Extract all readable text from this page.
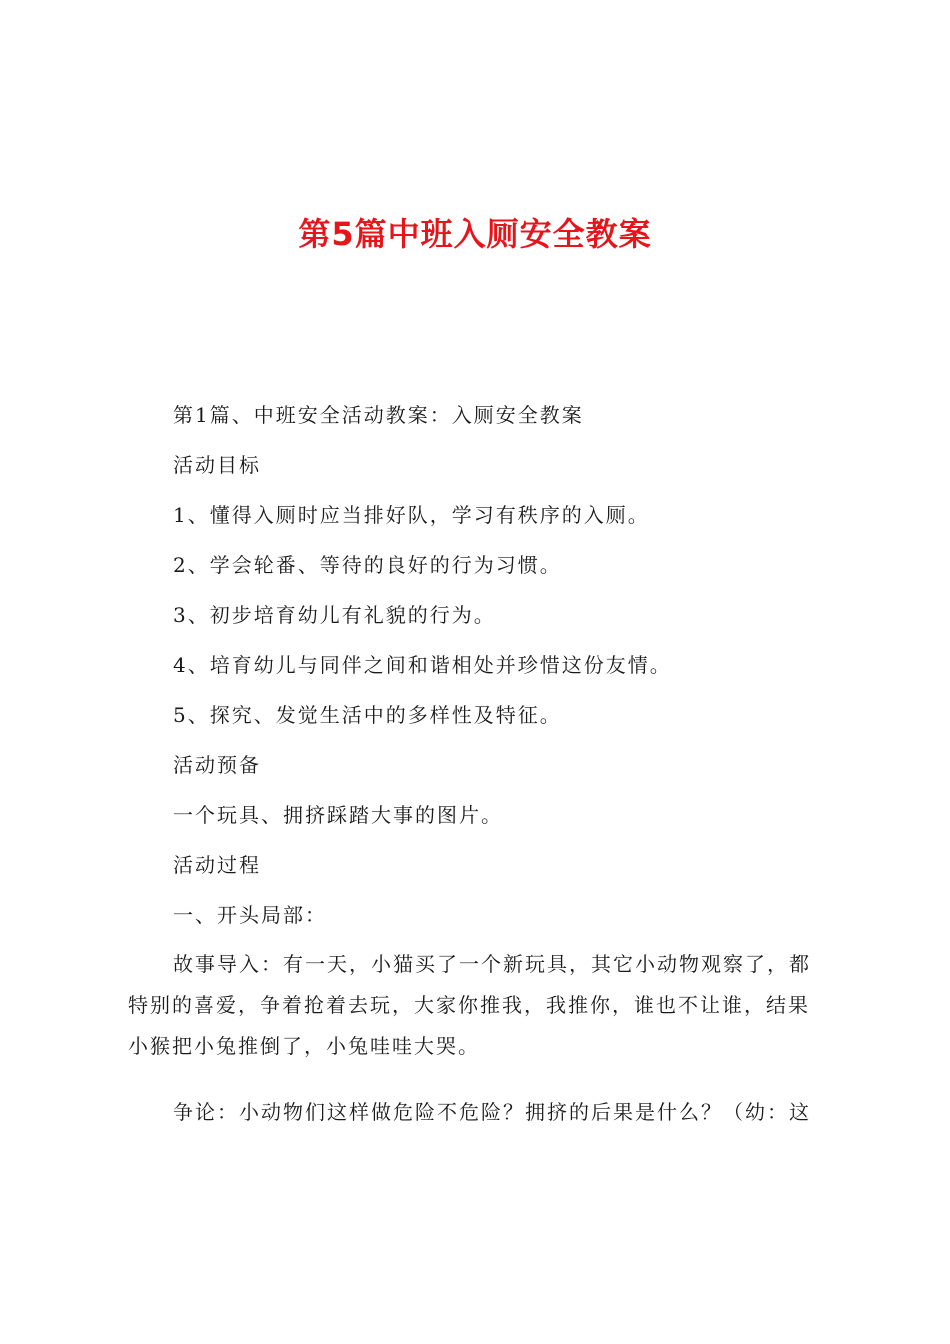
第5篇中班入厕安全教案
第1篇、中班安全活动教案：入厕安全教案
活动目标
1、懂得入厕时应当排好队，学习有秩序的入厕。
2、学会轮番、等待的良好的行为习惯。
3、初步培育幼儿有礼貌的行为。
4、培育幼儿与同伴之间和谐相处并珍惜这份友情。
5、探究、发觉生活中的多样性及特征。
活动预备
一个玩具、拥挤踩踏大事的图片。
活动过程
一、开头局部：
故事导入：有一天，小猫买了一个新玩具，其它小动物观察了，都
特别的喜爱，争着抢着去玩，大家你推我，我推你，谁也不让谁，结果
小猴把小兔推倒了，小兔哇哇大哭。
争论：小动物们这样做危险不危险？拥挤的后果是什么？（幼：这
